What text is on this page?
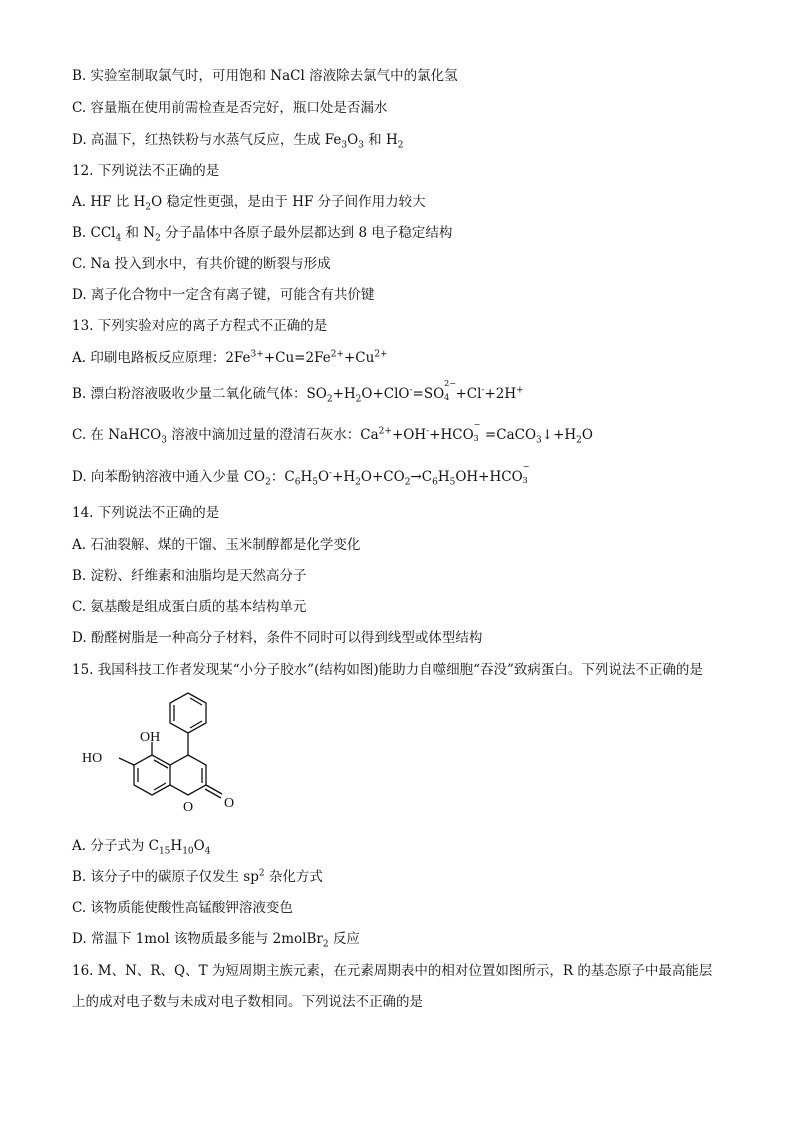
B. 实验室制取氯气时，可用饱和 NaCl 溶液除去氯气中的氯化氢
C. 容量瓶在使用前需检查是否完好，瓶口处是否漏水
D. 高温下，红热铁粉与水蒸气反应，生成 $Fe_3O_3$ 和 $H_2$
12. 下列说法不正确的是
A. HF 比 $H_2O$ 稳定性更强，是由于 HF 分子间作用力较大
B. CCl$_4$ 和 $N_2$ 分子晶体中各原子最外层都达到 8 电子稳定结构
C. Na 投入到水中，有共价键的断裂与形成
D. 离子化合物中一定含有离子键，可能含有共价键
13. 下列实验对应的离子方程式不正确的是
A. 印刷电路板反应原理：$2Fe^{3+}+Cu=2Fe^{2+}+Cu^{2+}$
B. 漂白粉溶液吸收少量二氧化硫气体：$SO_2+H_2O+ClO^-=SO$
2−
4 +Cl-+2H+
C. 在 NaHCO$_3$ 溶液中滴加过量的澄清石灰水：$Ca^{2+}+OH^-+HCO$
−
$3 =CaCO_3↓+H_2O$
D. 向苯酚钠溶液中通入少量 $CO_2$：$C_6H_5O^-+H_2O+CO_2\to C_6H_5OH+HCO$
−
3
14. 下列说法不正确的是
A. 石油裂解、煤的干馏、玉米制醇都是化学变化
B. 淀粉、纤维素和油脂均是天然高分子
C. 氨基酸是组成蛋白质的基本结构单元
D. 酚醛树脂是一种高分子材料，条件不同时可以得到线型或体型结构
15. 我国科技工作者发现某“小分子胶水”(结构如图)能助力自噬细胞“吞没”致病蛋白。下列说法不正确的是
OH
HO
O O
A. 分子式为 $C_{15}H_{10}O_4$
B. 该分子中的碳原子仅发生 $sp^2$ 杂化方式
C. 该物质能使酸性高锰酸钾溶液变色
D. 常温下 1mol 该物质最多能与 2molBr$_2$ 反应
16. M、N、R、Q、T 为短周期主族元素，在元素周期表中的相对位置如图所示，R 的基态原子中最高能层
上的成对电子数与未成对电子数相同。下列说法不正确的是
